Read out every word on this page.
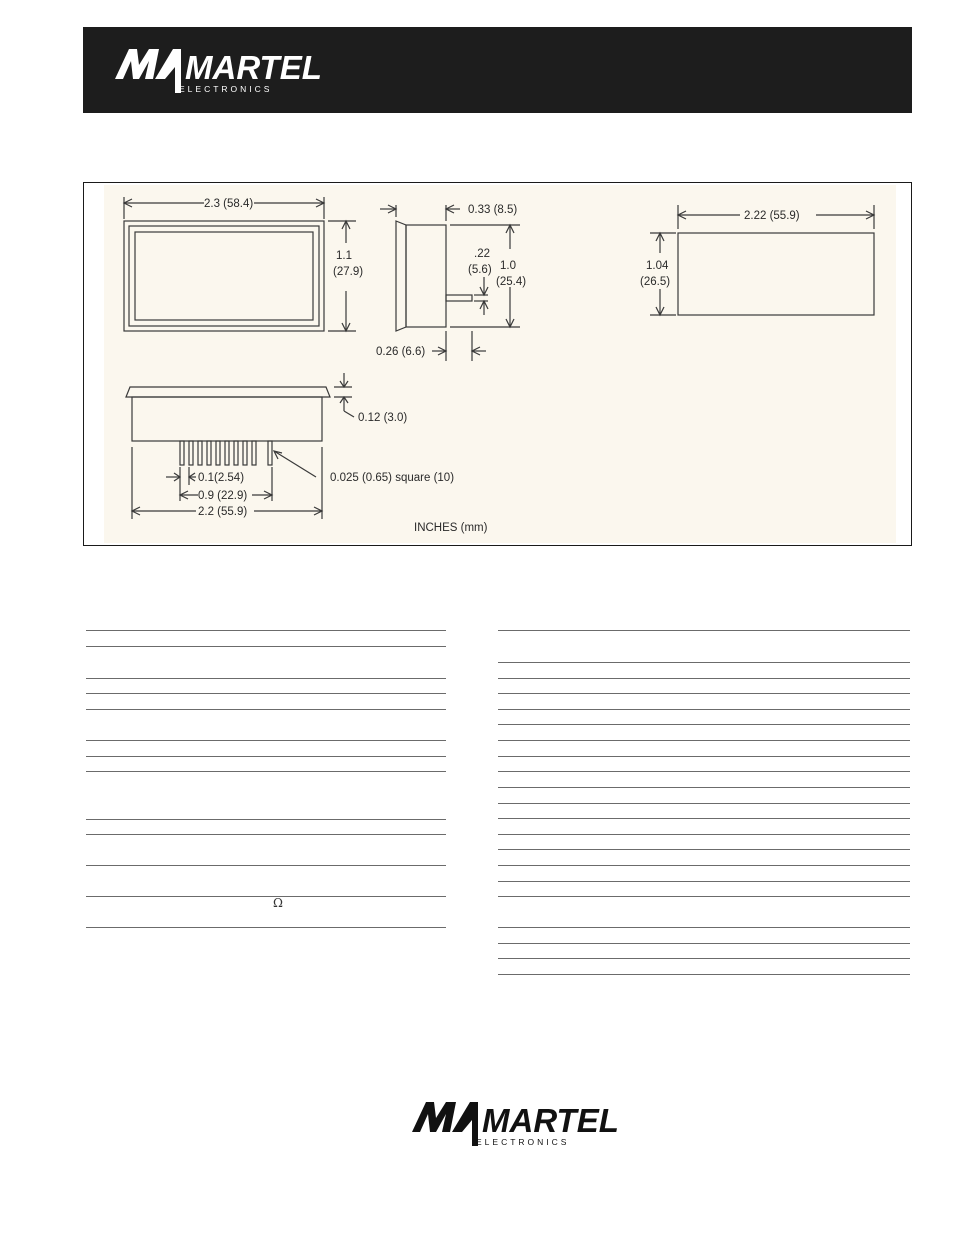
MARTEL
ELECTRONICS
2.3 (58.4)
1.1
(27.9)
0.33 (8.5)
.22
(5.6) 1.0
(25.4)
0.26 (6.6)
2.22 (55.9)
1.04
(26.5)
0.12 (3.0)
0.1(2.54)
0.9 (22.9)
2.2 (55.9)
0.025 (0.65) square (10)
INCHES (mm)
Ω
MARTEL
ELECTRONICS
